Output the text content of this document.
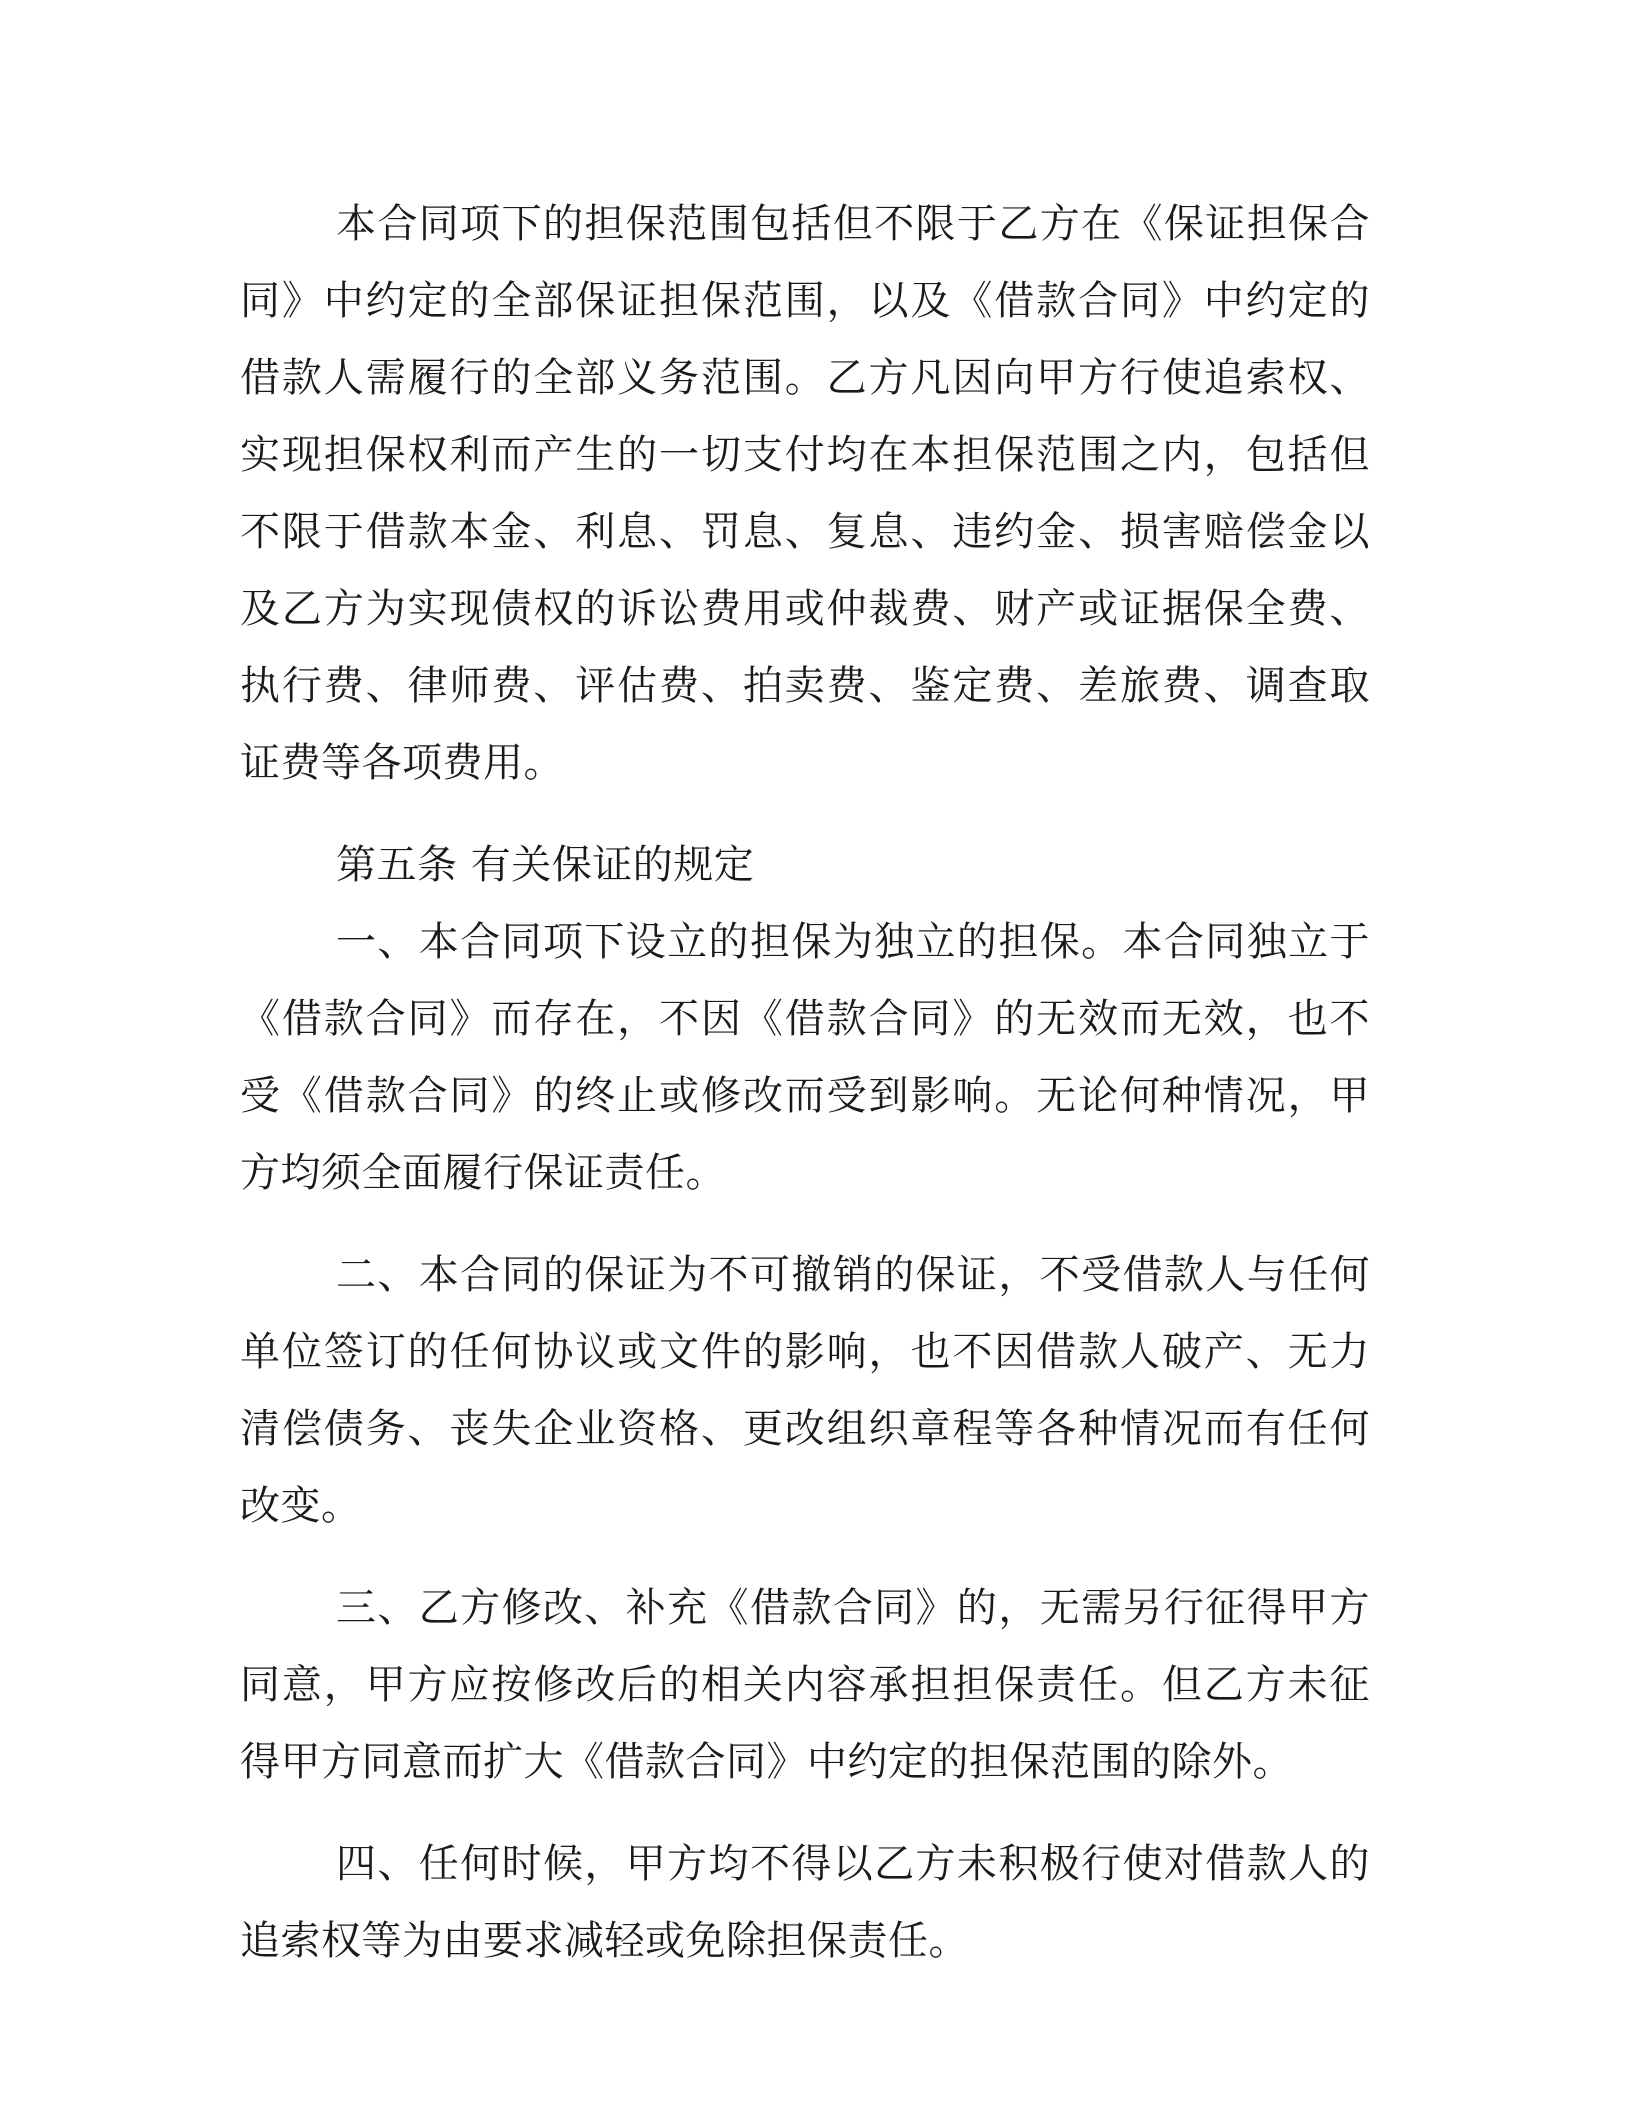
本合同项下的担保范围包括但不限于乙方在《保证担保合同》中约定的全部保证担保范围，以及《借款合同》中约定的借款人需履行的全部义务范围。乙方凡因向甲方行使追索权、实现担保权利而产生的一切支付均在本担保范围之内，包括但不限于借款本金、利息、罚息、复息、违约金、损害赔偿金以及乙方为实现债权的诉讼费用或仲裁费、财产或证据保全费、执行费、律师费、评估费、拍卖费、鉴定费、差旅费、调查取证费等各项费用。

第五条 有关保证的规定

一、本合同项下设立的担保为独立的担保。本合同独立于《借款合同》而存在，不因《借款合同》的无效而无效，也不受《借款合同》的终止或修改而受到影响。无论何种情况，甲方均须全面履行保证责任。

二、本合同的保证为不可撤销的保证，不受借款人与任何单位签订的任何协议或文件的影响，也不因借款人破产、无力清偿债务、丧失企业资格、更改组织章程等各种情况而有任何改变。

三、乙方修改、补充《借款合同》的，无需另行征得甲方同意，甲方应按修改后的相关内容承担担保责任。但乙方未征得甲方同意而扩大《借款合同》中约定的担保范围的除外。

四、任何时候，甲方均不得以乙方未积极行使对借款人的追索权等为由要求减轻或免除担保责任。
